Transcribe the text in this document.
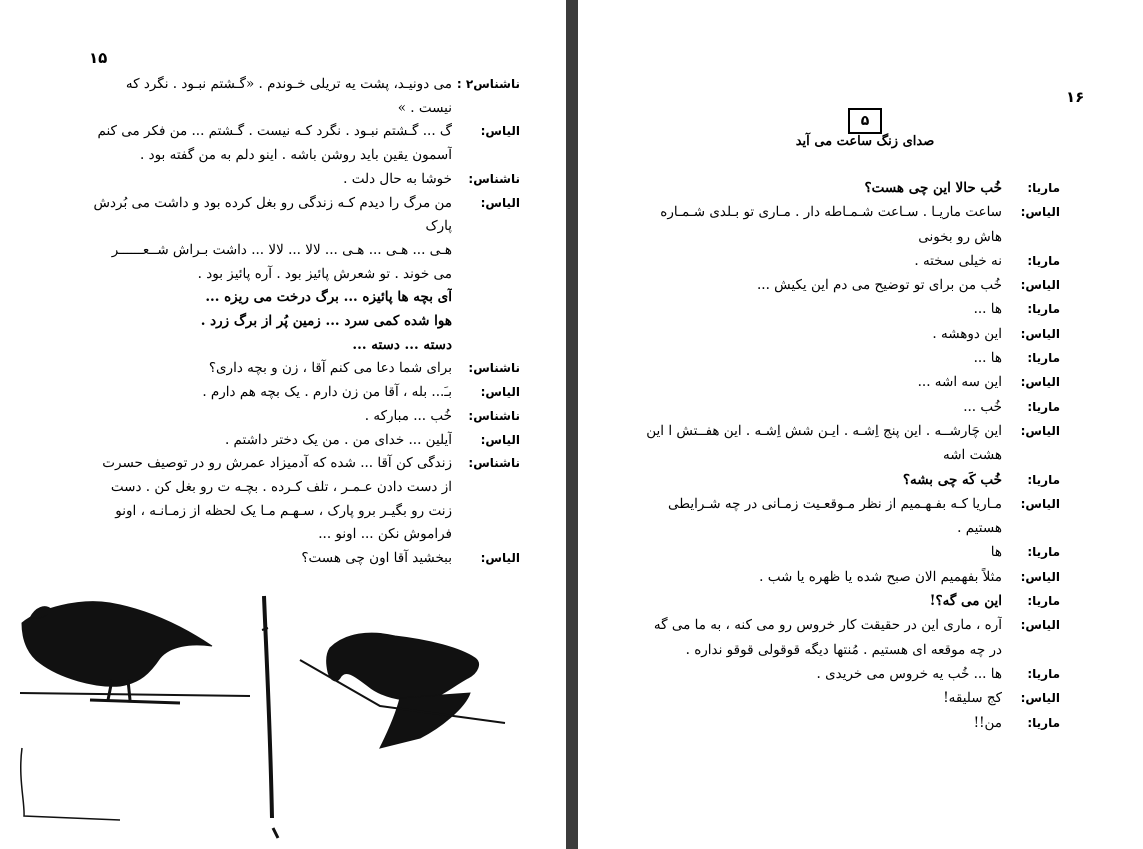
۱۵
ناشناس۲ :
می دونیـد، پشت یه تریلی خـوندم . «گـشتم نبـود . نگرد که
نیست . »
الیاس:
گ ... گـشتم نبـود . نگرد کـه نیست . گـشتم ... من فکر می کنم
آسمون یقین باید روشن باشه . اینو دلم به من گفته بود .
ناشناس:
خوشا به حال دلت .
الیاس:
من مرگ را دیدم کـه زندگی رو بغل کرده بود و داشت می بُردش
پارک
هـی ... هـی ... هـی ... لالا ... لالا ... داشت بـراش شــعــــــر
می خوند . تو شعرش پائیز بود . آره پائیز بود .
آی بچه ها پائیزه ... برگ درخت می ریزه ...
هوا شده کمی سرد ... زمین پُر از برگ زرد .
دسته ... دسته ...
ناشناس:
برای شما دعا می کنم آقا ، زن و بچه داری؟
الیاس:
بـَ... بله ، آقا من زن دارم . یک بچه هم دارم .
ناشناس:
خُب ... مبارکه .
الیاس:
آیلین ... خدای من . من یک دختر داشتم .
ناشناس:
زندگی کن آقا ... شده که آدمیزاد عمرش رو در توصیف حسرت
از دست دادن عـمـر ، تلف کـرده . بچـه ت رو بغل کن . دست
زنت رو بگیـر برو پارک ، سـهـم مـا یک لحظه از زمـانـه ، اونو
فراموش نکن ... اونو ...
الیاس:
ببخشید آقا اون چی هست؟
۱۶
۵
صدای زنگ ساعت می آید
ماریا:
خُب حالا این چی هست؟
الیاس:
ساعت ماریـا . سـاعت شـمـاطه دار . مـاری تو بـلدی شـمـاره
هاش رو بخونی
ماریا:
نه خیلی سخته .
الیاس:
خُب من برای تو توضیح می دم این یکیش ...
ماریا:
ها ...
الیاس:
این دوهشه .
ماریا:
ها ...
الیاس:
این سه اشه ...
ماریا:
خُب ...
الیاس:
این چَارشــه . این پنج اِشـه . ایـن شش اِشـه . این هفــتش ا این
هشت اشه
ماریا:
خُب کَه چی بشه؟
الیاس:
مـاریا کـه بفـهـمیم از نظر مـوقعـیت زمـانی در چه شـرایطی
هستیم .
ماریا:
ها
الیاس:
مثلاً بفهمیم الان صبح شده یا ظهره یا شب .
ماریا:
این می گه؟!
الیاس:
آره ، ماری این در حقیقت کار خروس رو می کنه ، به ما می گه
در چه موقعه ای هستیم . مُنتها دیگه قوقولی قوقو نداره .
ماریا:
ها ... خُب یه خروس می خریدی .
الیاس:
کج سلیقه!
ماریا:
من!!
